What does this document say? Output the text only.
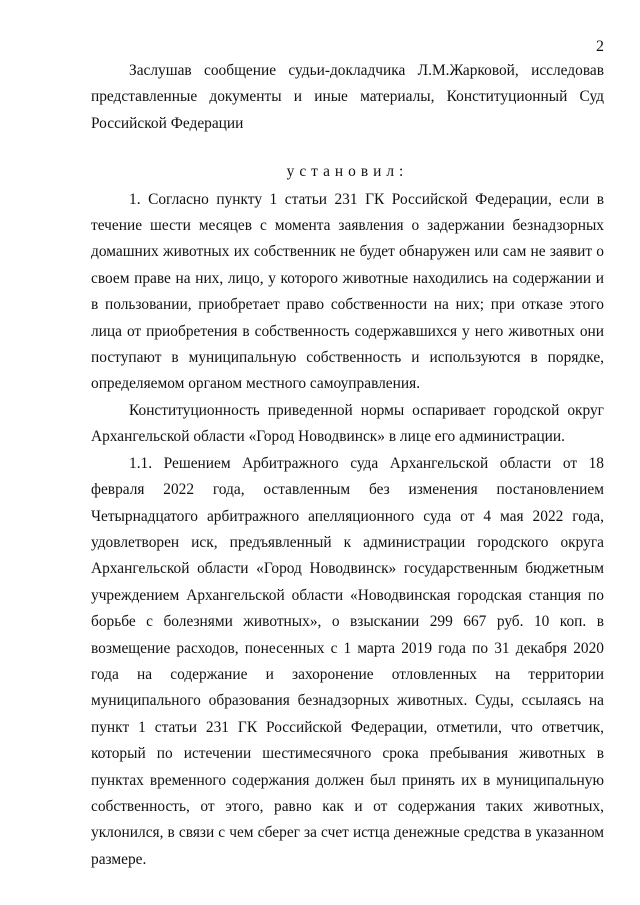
2

Заслушав сообщение судьи-докладчика Л.М.Жарковой, исследовав представленные документы и иные материалы, Конституционный Суд Российской Федерации

установил:

1. Согласно пункту 1 статьи 231 ГК Российской Федерации, если в течение шести месяцев с момента заявления о задержании безнадзорных домашних животных их собственник не будет обнаружен или сам не заявит о своем праве на них, лицо, у которого животные находились на содержании и в пользовании, приобретает право собственности на них; при отказе этого лица от приобретения в собственность содержавшихся у него животных они поступают в муниципальную собственность и используются в порядке, определяемом органом местного самоуправления.

Конституционность приведенной нормы оспаривает городской округ Архангельской области «Город Новодвинск» в лице его администрации.

1.1. Решением Арбитражного суда Архангельской области от 18 февраля 2022 года, оставленным без изменения постановлением Четырнадцатого арбитражного апелляционного суда от 4 мая 2022 года, удовлетворен иск, предъявленный к администрации городского округа Архангельской области «Город Новодвинск» государственным бюджетным учреждением Архангельской области «Новодвинская городская станция по борьбе с болезнями животных», о взыскании 299 667 руб. 10 коп. в возмещение расходов, понесенных с 1 марта 2019 года по 31 декабря 2020 года на содержание и захоронение отловленных на территории муниципального образования безнадзорных животных. Суды, ссылаясь на пункт 1 статьи 231 ГК Российской Федерации, отметили, что ответчик, который по истечении шестимесячного срока пребывания животных в пунктах временного содержания должен был принять их в муниципальную собственность, от этого, равно как и от содержания таких животных, уклонился, в связи с чем сберег за счет истца денежные средства в указанном размере.
